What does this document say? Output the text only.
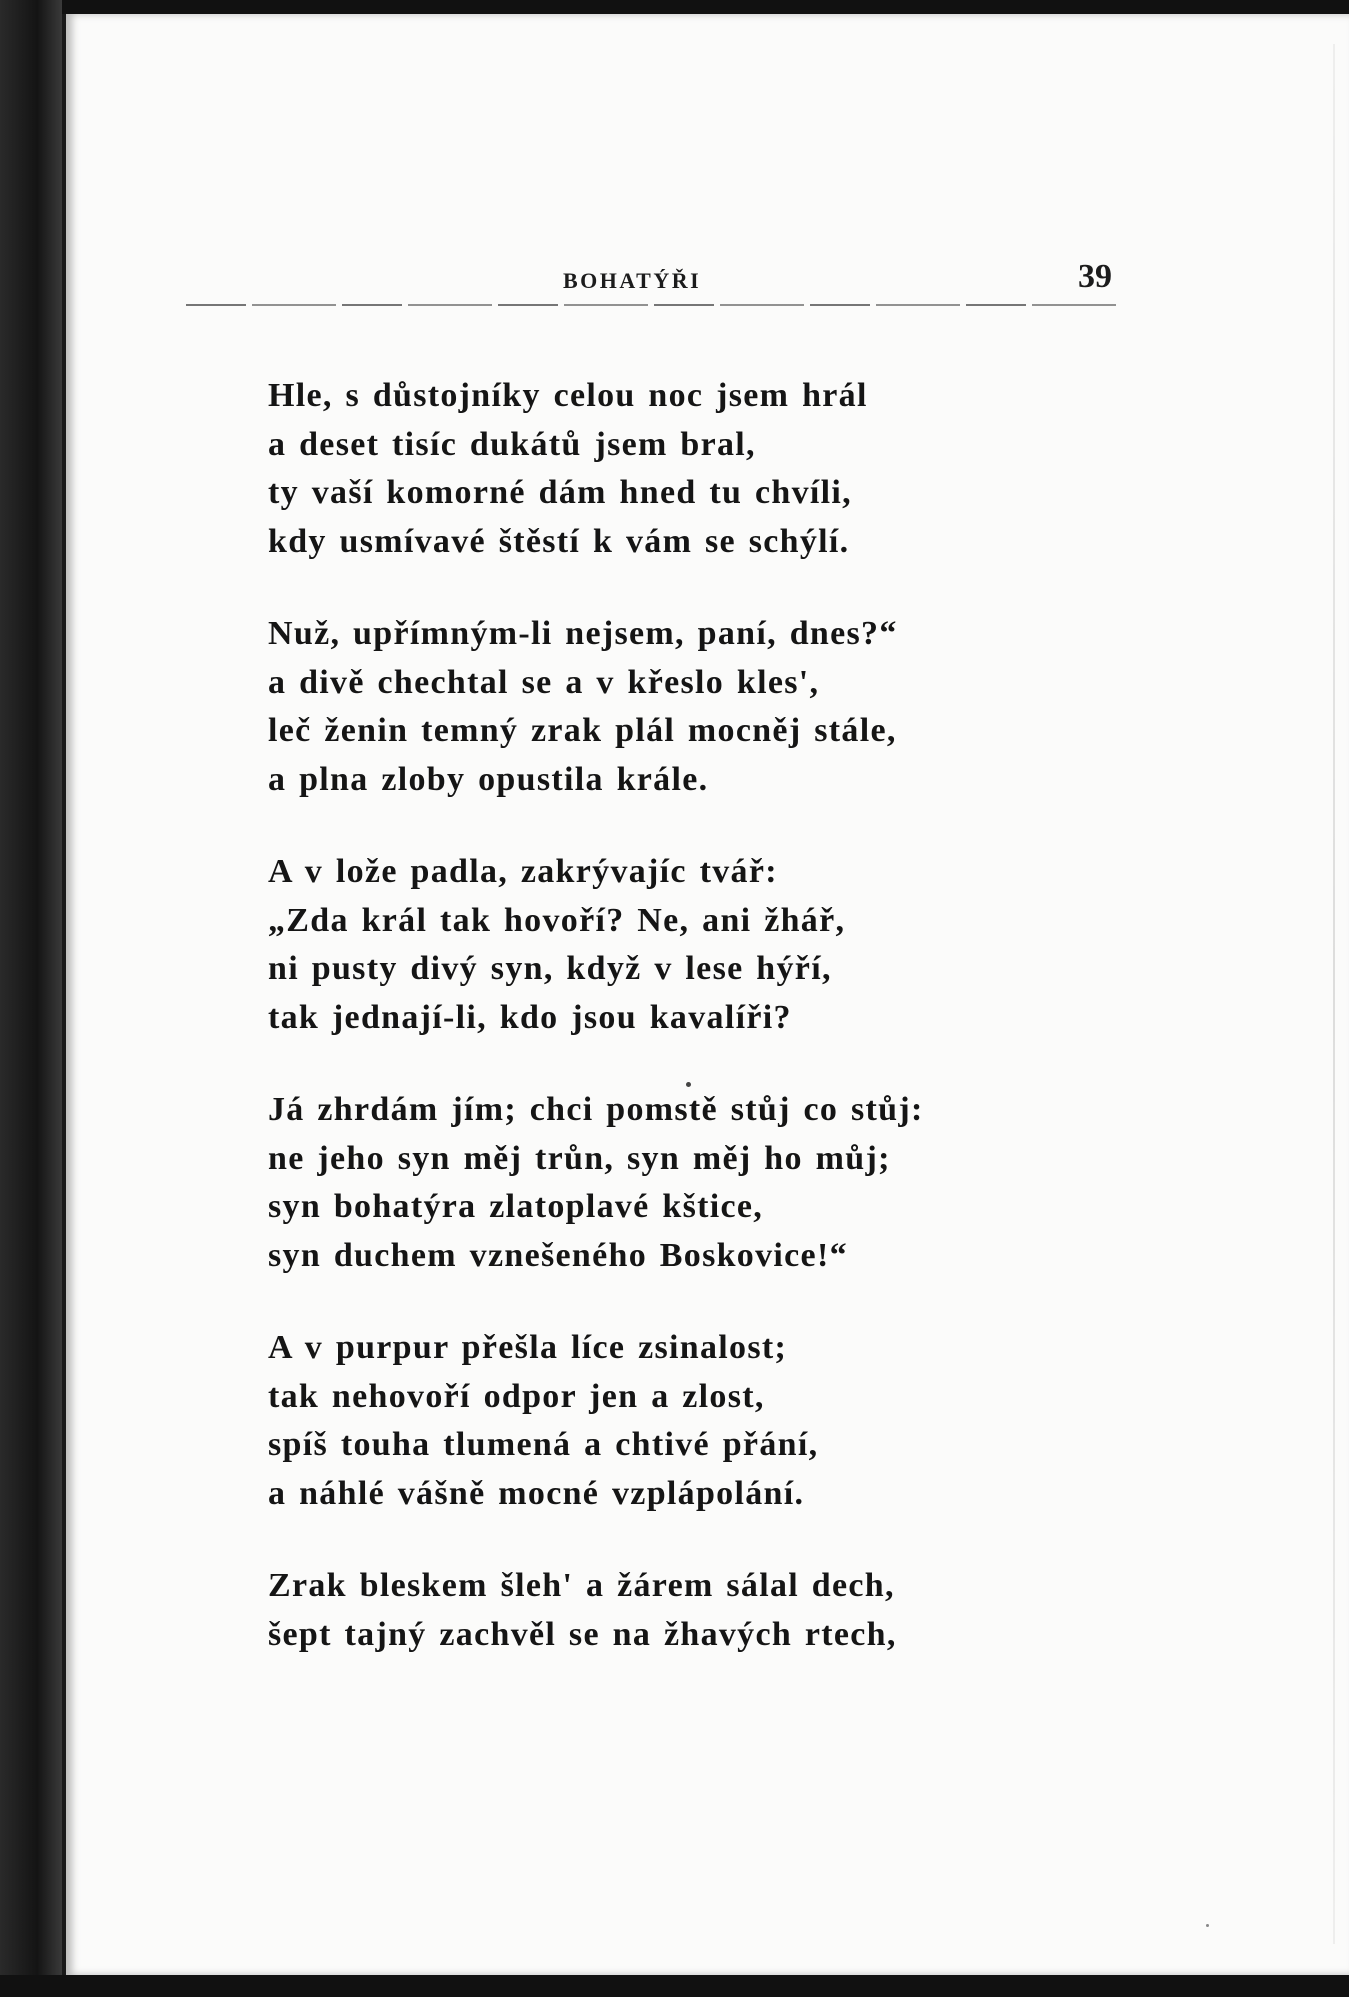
BOHATÝŘI	39
Hle, s důstojníky celou noc jsem hrál
a deset tisíc dukátů jsem bral,
ty vaší komorné dám hned tu chvíli,
kdy usmívavé štěstí k vám se schýlí.
Nuž, upřímným-li nejsem, paní, dnes?“
a divě chechtal se a v křeslo kles',
leč ženin temný zrak plál mocněj stále,
a plna zloby opustila krále.
A v lože padla, zakrývajíc tvář:
„Zda král tak hovoří? Ne, ani žhář,
ni pusty divý syn, když v lese hýří,
tak jednají-li, kdo jsou kavalíři?
Já zhrdám jím; chci pomstě stůj co stůj:
ne jeho syn měj trůn, syn měj ho můj;
syn bohatýra zlatoplavé kštice,
syn duchem vznešeného Boskovice!“
A v purpur přešla líce zsinalost;
tak nehovoří odpor jen a zlost,
spíš touha tlumená a chtivé přání,
a náhlé vášně mocné vzplápolání.
Zrak bleskem šleh' a žárem sálal dech,
šept tajný zachvěl se na žhavých rtech,
